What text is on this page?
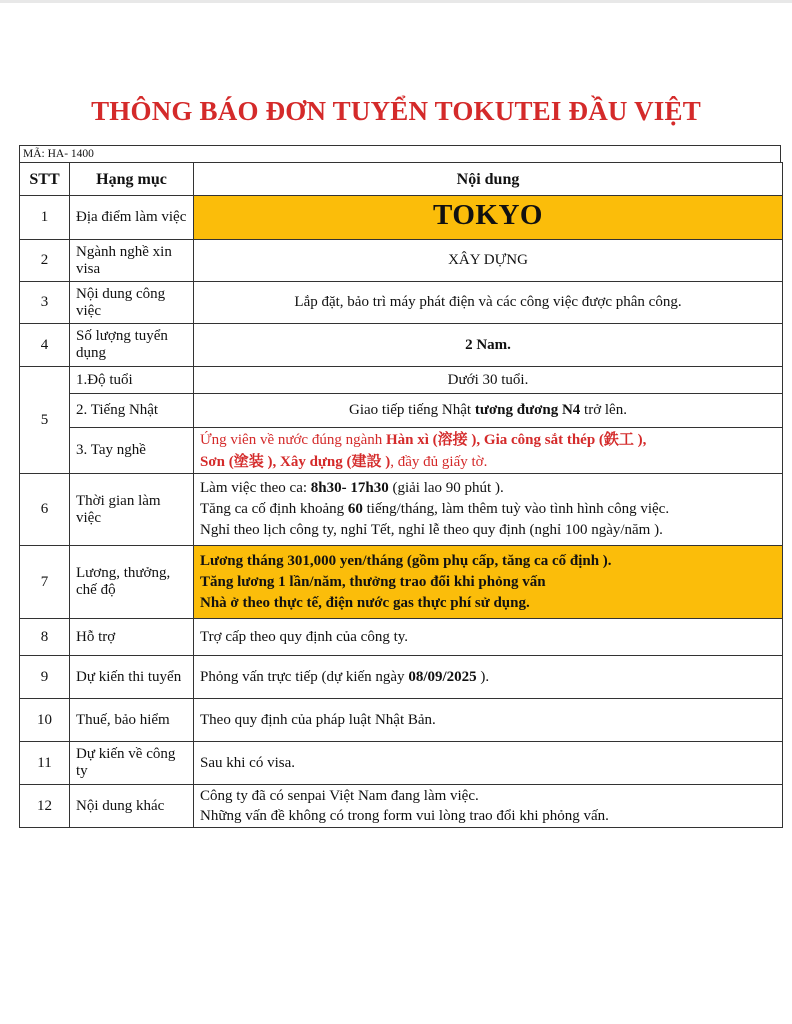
THÔNG BÁO ĐƠN TUYỂN TOKUTEI ĐẦU VIỆT
MÃ: HA- 1400
STT	Hạng mục	Nội dung
1	Địa điểm làm việc	TOKYO
2	Ngành nghề xin visa	XÂY DỰNG
3	Nội dung công việc	Lắp đặt, bảo trì máy phát điện và các công việc được phân công.
4	Số lượng tuyển dụng	2 Nam.
5	1.Độ tuổi	Dưới 30 tuổi.
	2. Tiếng Nhật	Giao tiếp tiếng Nhật tương đương N4 trở lên.
	3. Tay nghề	Ứng viên về nước đúng ngành Hàn xì (溶接 ), Gia công sắt thép (鉄工 ),
Sơn (塗装 ), Xây dựng (建設 ), đầy đủ giấy tờ.
6	Thời gian làm việc	Làm việc theo ca: 8h30- 17h30 (giải lao 90 phút ).
Tăng ca cố định khoảng 60 tiếng/tháng, làm thêm tuỳ vào tình hình công việc.
Nghỉ theo lịch công ty, nghỉ Tết, nghỉ lễ theo quy định (nghỉ 100 ngày/năm ).
7	Lương, thưởng, chế độ	Lương tháng 301,000 yen/tháng (gồm phụ cấp, tăng ca cố định ).
Tăng lương 1 lần/năm, thưởng trao đổi khi phỏng vấn
Nhà ở theo thực tế, điện nước gas thực phí sử dụng.
8	Hỗ trợ	Trợ cấp theo quy định của công ty.
9	Dự kiến thi tuyển	Phỏng vấn trực tiếp (dự kiến ngày 08/09/2025 ).
10	Thuế, bảo hiểm	Theo quy định của pháp luật Nhật Bản.
11	Dự kiến về công ty	Sau khi có visa.
12	Nội dung khác	Công ty đã có senpai Việt Nam đang làm việc.
Những vấn đề không có trong form vui lòng trao đổi khi phỏng vấn.
